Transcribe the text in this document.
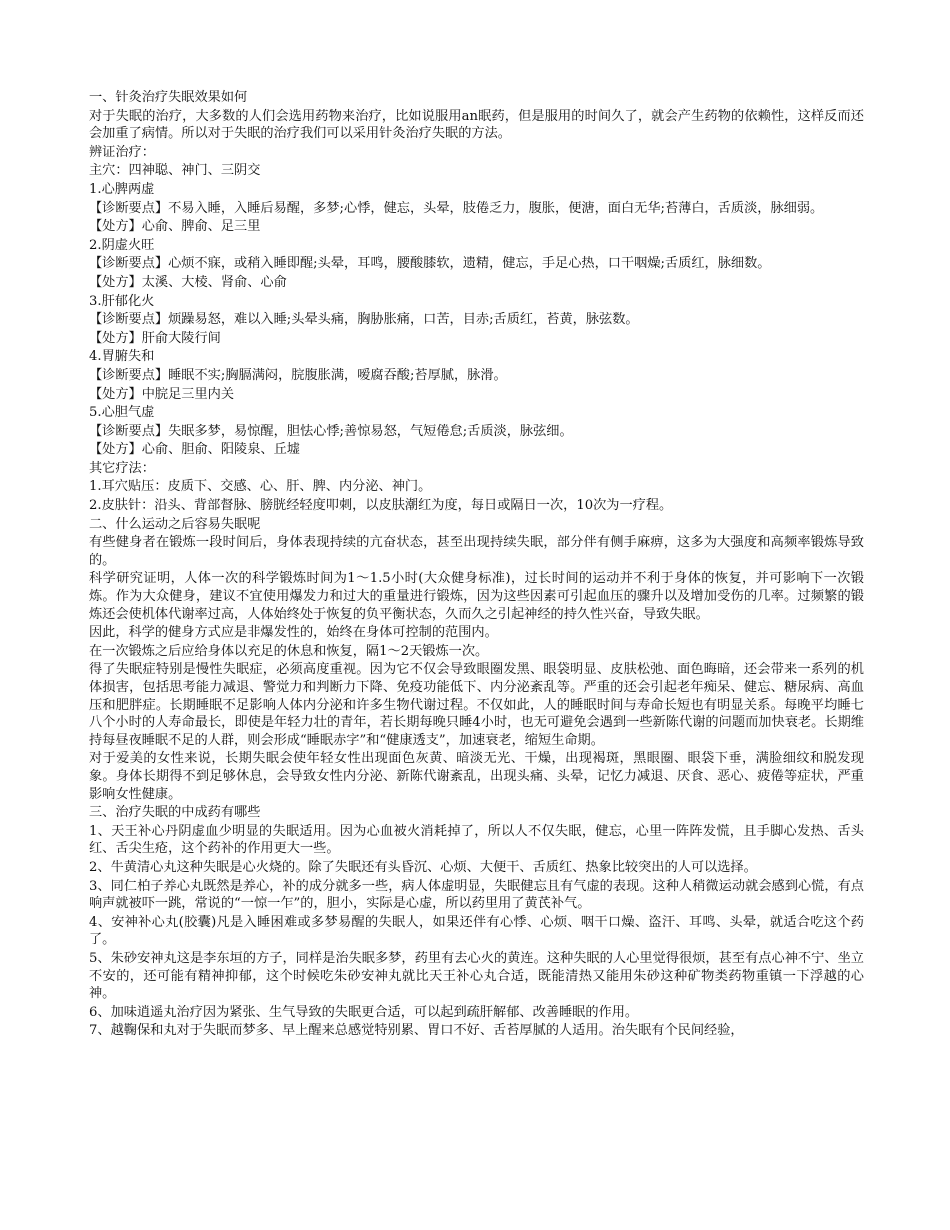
一、针灸治疗失眠效果如何

对于失眠的治疗，大多数的人们会选用药物来治疗，比如说服用an眠药，但是服用的时间久了，就会产生药物的依赖性，这样反而还会加重了病情。所以对于失眠的治疗我们可以采用针灸治疗失眠的方法。

辨证治疗：

主穴：四神聪、神门、三阴交

1.心脾两虚

【诊断要点】不易入睡，入睡后易醒，多梦;心悸，健忘，头晕，肢倦乏力，腹胀，便溏，面白无华;苔薄白，舌质淡，脉细弱。

【处方】心俞、脾俞、足三里

2.阴虚火旺

【诊断要点】心烦不寐，或稍入睡即醒;头晕，耳鸣，腰酸膝软，遗精，健忘，手足心热，口干咽燥;舌质红，脉细数。

【处方】太溪、大棱、肾俞、心俞

3.肝郁化火

【诊断要点】烦躁易怒，难以入睡;头晕头痛，胸胁胀痛，口苦，目赤;舌质红，苔黄，脉弦数。

【处方】肝俞大陵行间

4.胃腑失和

【诊断要点】睡眠不实;胸膈满闷，脘腹胀满，嗳腐吞酸;苔厚腻，脉滑。

【处方】中脘足三里内关

5.心胆气虚

【诊断要点】失眠多梦，易惊醒，胆怯心悸;善惊易怒，气短倦怠;舌质淡，脉弦细。

【处方】心俞、胆俞、阳陵泉、丘墟

其它疗法：

1.耳穴贴压：皮质下、交感、心、肝、脾、内分泌、神门。

2.皮肤针：沿头、背部督脉、膀胱经轻度叩刺，以皮肤潮红为度，每日或隔日一次，10次为一疗程。

二、什么运动之后容易失眠呢

有些健身者在锻炼一段时间后，身体表现持续的亢奋状态，甚至出现持续失眠，部分伴有侧手麻痹，这多为大强度和高频率锻炼导致的。

科学研究证明，人体一次的科学锻炼时间为1～1.5小时(大众健身标准)，过长时间的运动并不利于身体的恢复，并可影响下一次锻炼。作为大众健身，建议不宜使用爆发力和过大的重量进行锻炼，因为这些因素可引起血压的骤升以及增加受伤的几率。过频繁的锻炼还会使机体代谢率过高，人体始终处于恢复的负平衡状态，久而久之引起神经的持久性兴奋，导致失眠。

因此，科学的健身方式应是非爆发性的，始终在身体可控制的范围内。

在一次锻炼之后应给身体以充足的休息和恢复，隔1～2天锻炼一次。

得了失眠症特别是慢性失眠症，必须高度重视。因为它不仅会导致眼圈发黑、眼袋明显、皮肤松弛、面色晦暗，还会带来一系列的机体损害，包括思考能力减退、警觉力和判断力下降、免疫功能低下、内分泌紊乱等。严重的还会引起老年痴呆、健忘、糖尿病、高血压和肥胖症。长期睡眠不足影响人体内分泌和许多生物代谢过程。不仅如此，人的睡眠时间与寿命长短也有明显关系。每晚平均睡七八个小时的人寿命最长，即使是年轻力壮的青年，若长期每晚只睡4小时，也无可避免会遇到一些新陈代谢的问题而加快衰老。长期维持每昼夜睡眠不足的人群，则会形成“睡眠赤字”和“健康透支”，加速衰老，缩短生命期。

对于爱美的女性来说，长期失眠会使年轻女性出现面色灰黄、暗淡无光、干燥，出现褐斑，黑眼圈、眼袋下垂，满脸细纹和脱发现象。身体长期得不到足够休息，会导致女性内分泌、新陈代谢紊乱，出现头痛、头晕，记忆力减退、厌食、恶心、疲倦等症状，严重影响女性健康。

三、治疗失眠的中成药有哪些

1、天王补心丹阴虚血少明显的失眠适用。因为心血被火消耗掉了，所以人不仅失眠，健忘，心里一阵阵发慌，且手脚心发热、舌头红、舌尖生疮，这个药补的作用更大一些。

2、牛黄清心丸这种失眠是心火烧的。除了失眠还有头昏沉、心烦、大便干、舌质红、热象比较突出的人可以选择。

3、同仁柏子养心丸既然是养心，补的成分就多一些，病人体虚明显，失眠健忘且有气虚的表现。这种人稍微运动就会感到心慌，有点响声就被吓一跳，常说的“一惊一乍”的，胆小，实际是心虚，所以药里用了黄芪补气。

4、安神补心丸(胶囊)凡是入睡困难或多梦易醒的失眠人，如果还伴有心悸、心烦、咽干口燥、盗汗、耳鸣、头晕，就适合吃这个药了。

5、朱砂安神丸这是李东垣的方子，同样是治失眠多梦，药里有去心火的黄连。这种失眠的人心里觉得很烦，甚至有点心神不宁、坐立不安的，还可能有精神抑郁，这个时候吃朱砂安神丸就比天王补心丸合适，既能清热又能用朱砂这种矿物类药物重镇一下浮越的心神。

6、加味逍遥丸治疗因为紧张、生气导致的失眠更合适，可以起到疏肝解郁、改善睡眠的作用。

7、越鞠保和丸对于失眠而梦多、早上醒来总感觉特别累、胃口不好、舌苔厚腻的人适用。治失眠有个民间经验，
